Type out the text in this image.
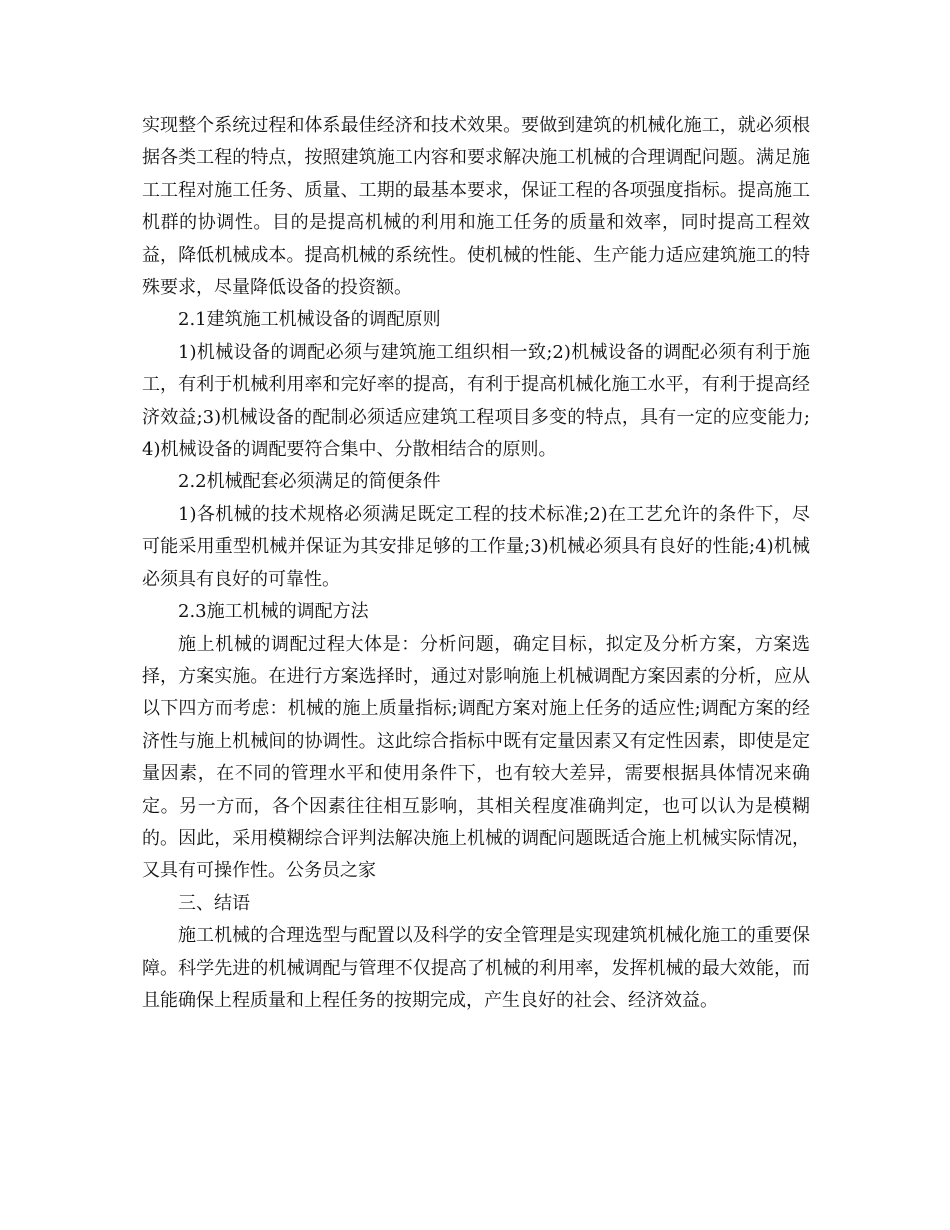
实现整个系统过程和体系最佳经济和技术效果。要做到建筑的机械化施工，就必须根据各类工程的特点，按照建筑施工内容和要求解决施工机械的合理调配问题。满足施工工程对施工任务、质量、工期的最基本要求，保证工程的各项强度指标。提高施工机群的协调性。目的是提高机械的利用和施工任务的质量和效率，同时提高工程效益，降低机械成本。提高机械的系统性。使机械的性能、生产能力适应建筑施工的特殊要求，尽量降低设备的投资额。

2.1建筑施工机械设备的调配原则

1)机械设备的调配必须与建筑施工组织相一致;2)机械设备的调配必须有利于施工，有利于机械利用率和完好率的提高，有利于提高机械化施工水平，有利于提高经济效益;3)机械设备的配制必须适应建筑工程项目多变的特点，具有一定的应变能力;4)机械设备的调配要符合集中、分散相结合的原则。

2.2机械配套必须满足的简便条件

1)各机械的技术规格必须满足既定工程的技术标准;2)在工艺允许的条件下，尽可能采用重型机械并保证为其安排足够的工作量;3)机械必须具有良好的性能;4)机械必须具有良好的可靠性。

2.3施工机械的调配方法

施上机械的调配过程大体是：分析问题，确定目标，拟定及分析方案，方案选择，方案实施。在进行方案选择时，通过对影响施上机械调配方案因素的分析，应从以下四方而考虑：机械的施上质量指标;调配方案对施上任务的适应性;调配方案的经济性与施上机械间的协调性。这此综合指标中既有定量因素又有定性因素，即使是定量因素，在不同的管理水平和使用条件下，也有较大差异，需要根据具体情况来确定。另一方而，各个因素往往相互影响，其相关程度准确判定，也可以认为是模糊的。因此，采用模糊综合评判法解决施上机械的调配问题既适合施上机械实际情况，又具有可操作性。公务员之家

三、结语

施工机械的合理选型与配置以及科学的安全管理是实现建筑机械化施工的重要保障。科学先进的机械调配与管理不仅提高了机械的利用率，发挥机械的最大效能，而且能确保上程质量和上程任务的按期完成，产生良好的社会、经济效益。
